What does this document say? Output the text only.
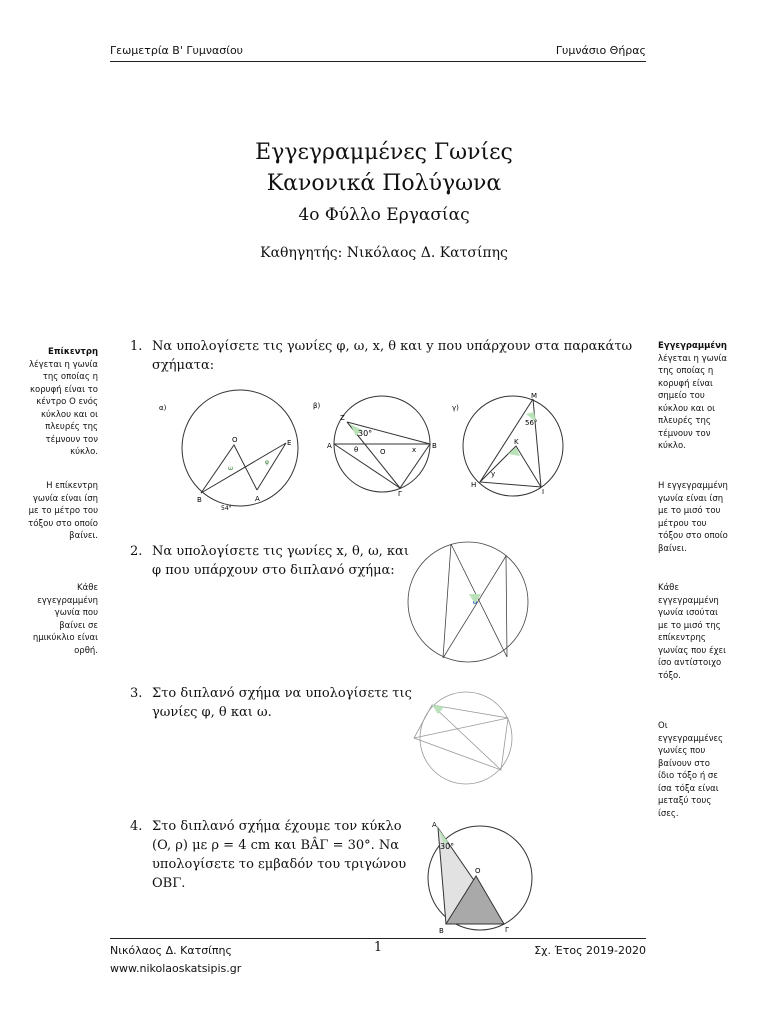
Γεωμετρία Β' Γυμνασίου	Γυμνάσιο Θήρας
Εγγεγραμμένες Γωνίες
Κανονικά Πολύγωνα
4ο Φύλλο Εργασίας
Καθηγητής: Νικόλαος Δ. Κατσίπης
Επίκεντρη
λέγεται η γωνία της οποίας η κορυφή είναι το κέντρο O ενός κύκλου και οι πλευρές της τέμνουν τον κύκλο.
Η επίκεντρη γωνία είναι ίση με το μέτρο του τόξου στο οποίο βαίνει.
Κάθε εγγεγραμμένη γωνία που βαίνει σε ημικύκλιο είναι ορθή.
Εγγεγραμμένη
λέγεται η γωνία της οποίας η κορυφή είναι σημείο του κύκλου και οι πλευρές της τέμνουν τον κύκλο.
Η εγγεγραμμένη γωνία είναι ίση με το μισό του μέτρου του τόξου στο οποίο βαίνει.
Κάθε εγγεγραμμένη γωνία ισούται με το μισό της επίκεντρης γωνίας που έχει ίσο αντίστοιχο τόξο.
Οι εγγεγραμμένες γωνίες που βαίνουν στο ίδιο τόξο ή σε ίσα τόξα είναι μεταξύ τους ίσες.
1. Να υπολογίσετε τις γωνίες φ, ω, x, θ και y που υπάρχουν στα παρακάτω σχήματα:
α)
O	E
B	A
ω
φ
54°
β)
Z
A
O
B
Γ
30°
θ	x
γ)
M
K
H
I
56°
y
2. Να υπολογίσετε τις γωνίες x, θ, ω, και φ που υπάρχουν στο διπλανό σχήμα:
3. Στο διπλανό σχήμα να υπολογίσετε τις γωνίες φ, θ και ω.
4. Στο διπλανό σχήμα έχουμε τον κύκλο (O, ρ) με ρ = 4 cm και BÂΓ = 30°. Να υπολογίσετε το εμβαδόν του τριγώνου ΟΒΓ.
A
O
B	Γ
30°
Νικόλαος Δ. Κατσίπης	1	Σχ. Έτος 2019-2020
www.nikolaoskatsipis.gr
